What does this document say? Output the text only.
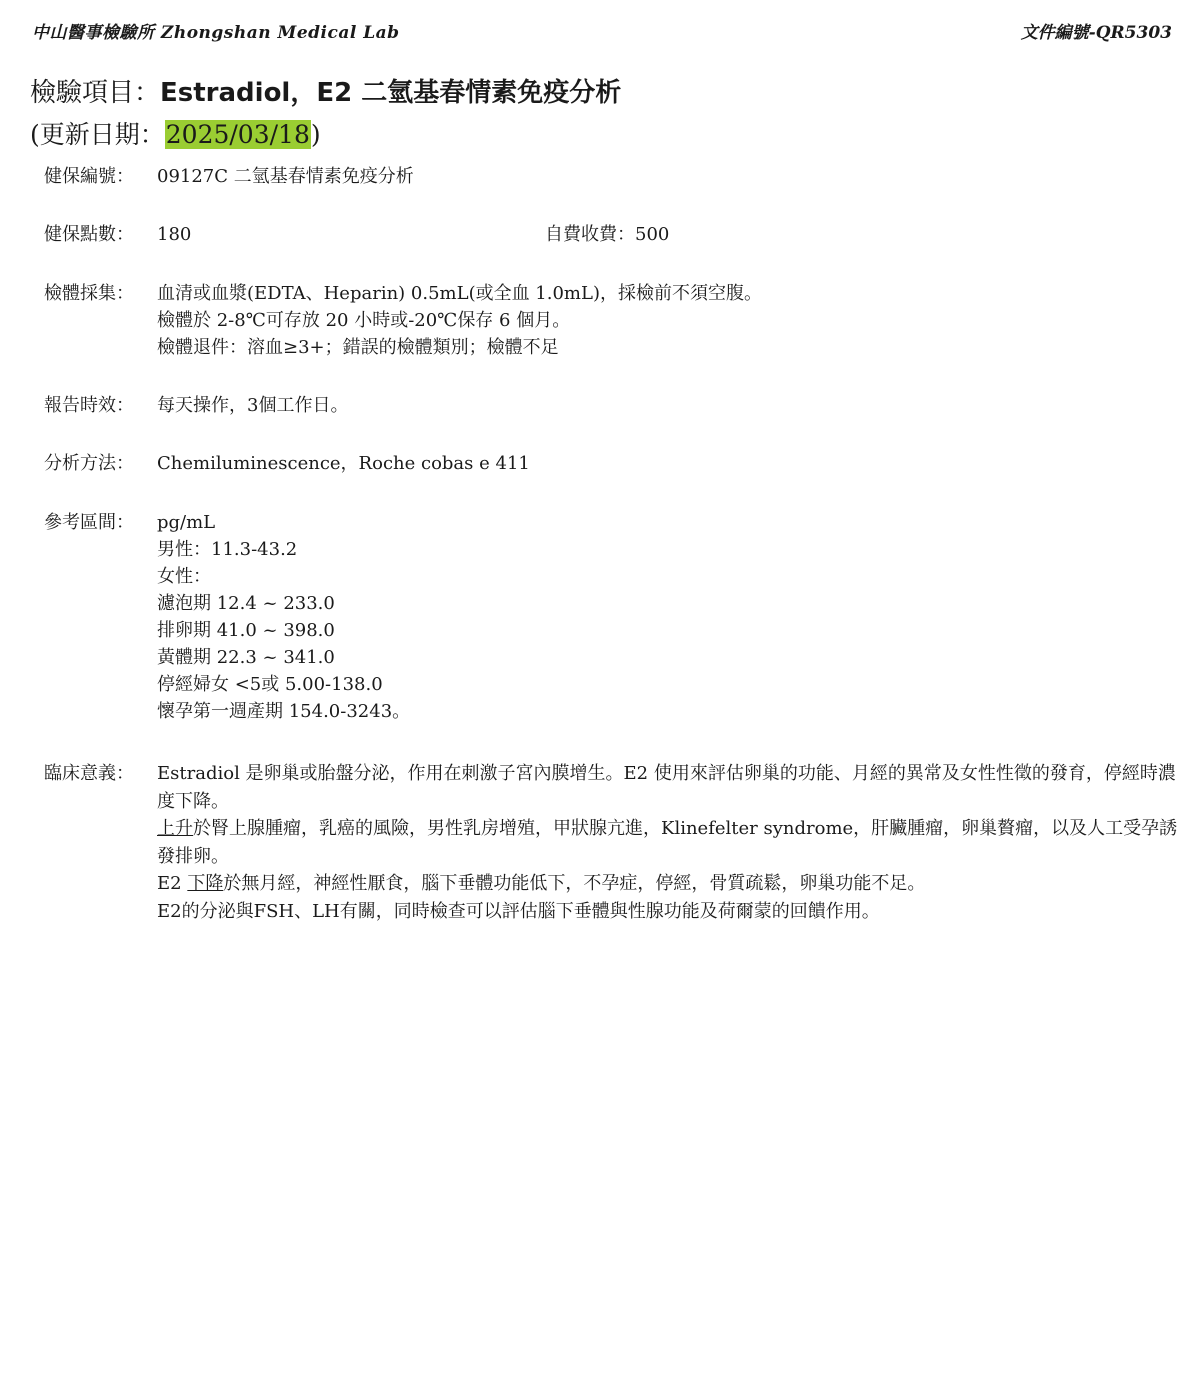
中山醫事檢驗所 Zhongshan Medical Lab	文件編號-QR5303
檢驗項目：Estradiol，E2 二氫基春情素免疫分析
(更新日期：2025/03/18)
健保編號： 09127C 二氫基春情素免疫分析
健保點數： 180	自費收費：500
檢體採集： 血清或血漿(EDTA、Heparin) 0.5mL(或全血 1.0mL)，採檢前不須空腹。
檢體於 2-8℃可存放 20 小時或-20℃保存 6 個月。
檢體退件：溶血≥3+；錯誤的檢體類別；檢體不足
報告時效： 每天操作，3個工作日。
分析方法： Chemiluminescence，Roche cobas e 411
參考區間： pg/mL
男性：11.3-43.2
女性：
濾泡期 12.4 ~ 233.0
排卵期 41.0 ~ 398.0
黃體期 22.3 ~ 341.0
停經婦女 <5或 5.00-138.0
懷孕第一週產期 154.0-3243。
臨床意義：	Estradiol 是卵巢或胎盤分泌，作用在刺激子宮內膜增生。E2 使用來評估卵巢的功能、月經的異常及女性性徵的發育，停經時濃度下降。
上升於腎上腺腫瘤，乳癌的風險，男性乳房增殖，甲狀腺亢進，Klinefelter syndrome，肝臟腫瘤，卵巢贅瘤，以及人工受孕誘發排卵。
E2 下降於無月經，神經性厭食，腦下垂體功能低下，不孕症，停經，骨質疏鬆，卵巢功能不足。
E2的分泌與FSH、LH有關，同時檢查可以評估腦下垂體與性腺功能及荷爾蒙的回饋作用。
